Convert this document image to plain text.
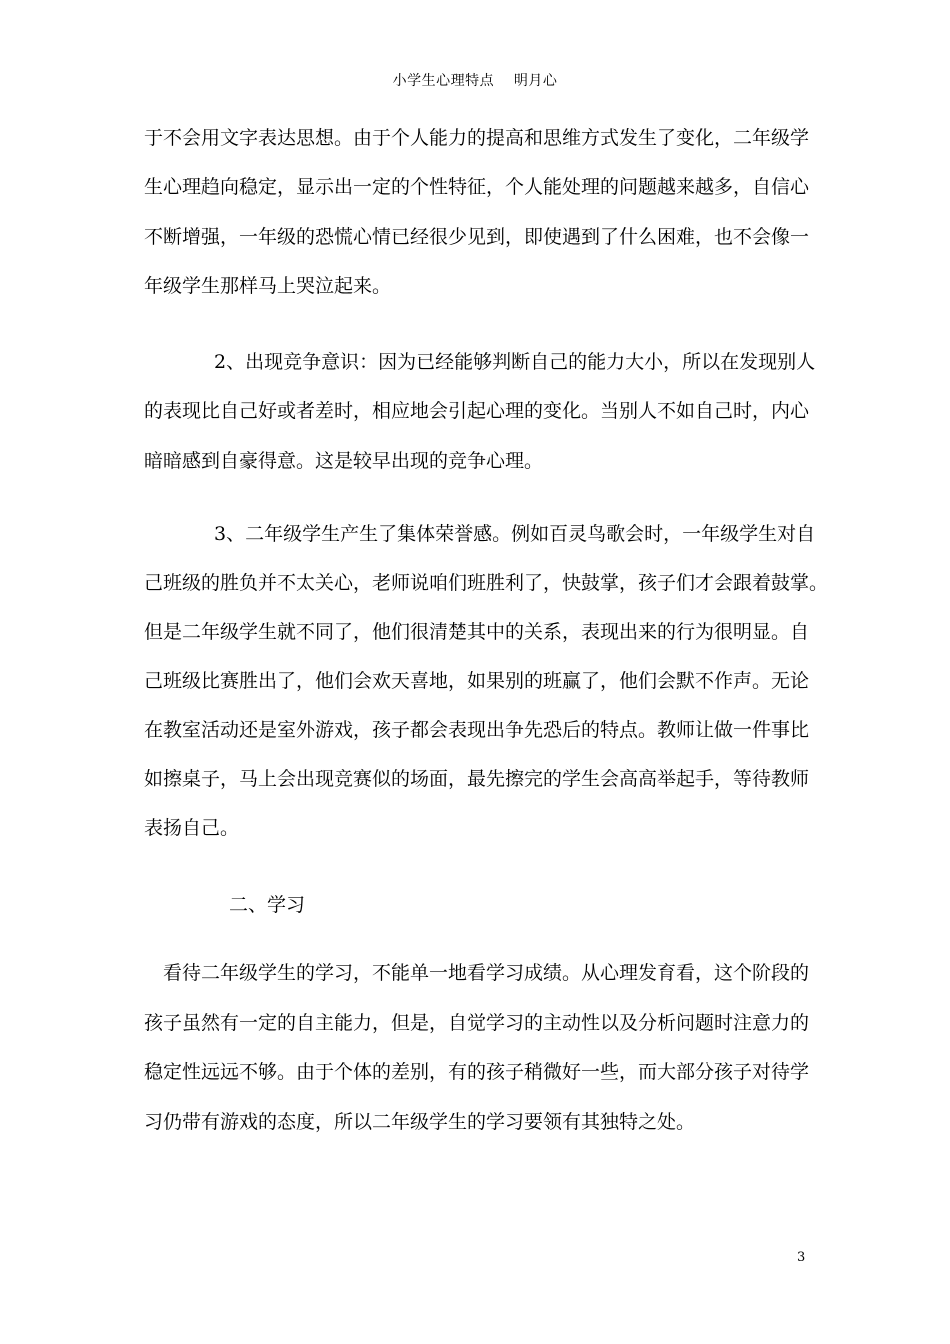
小学生心理特点 明月心
于不会用文字表达思想。由于个人能力的提高和思维方式发生了变化，二年级学
生心理趋向稳定，显示出一定的个性特征，个人能处理的问题越来越多，自信心
不断增强，一年级的恐慌心情已经很少见到，即使遇到了什么困难，也不会像一
年级学生那样马上哭泣起来。
2、出现竞争意识：因为已经能够判断自己的能力大小，所以在发现别人
的表现比自己好或者差时，相应地会引起心理的变化。当别人不如自己时，内心
暗暗感到自豪得意。这是较早出现的竞争心理。
3、二年级学生产生了集体荣誉感。例如百灵鸟歌会时，一年级学生对自
己班级的胜负并不太关心，老师说咱们班胜利了，快鼓掌，孩子们才会跟着鼓掌。
但是二年级学生就不同了，他们很清楚其中的关系，表现出来的行为很明显。自
己班级比赛胜出了，他们会欢天喜地，如果别的班赢了，他们会默不作声。无论
在教室活动还是室外游戏，孩子都会表现出争先恐后的特点。教师让做一件事比
如擦桌子，马上会出现竞赛似的场面，最先擦完的学生会高高举起手，等待教师
表扬自己。
二、学习
看待二年级学生的学习，不能单一地看学习成绩。从心理发育看，这个阶段的
孩子虽然有一定的自主能力，但是，自觉学习的主动性以及分析问题时注意力的
稳定性远远不够。由于个体的差别，有的孩子稍微好一些，而大部分孩子对待学
习仍带有游戏的态度，所以二年级学生的学习要领有其独特之处。
3
